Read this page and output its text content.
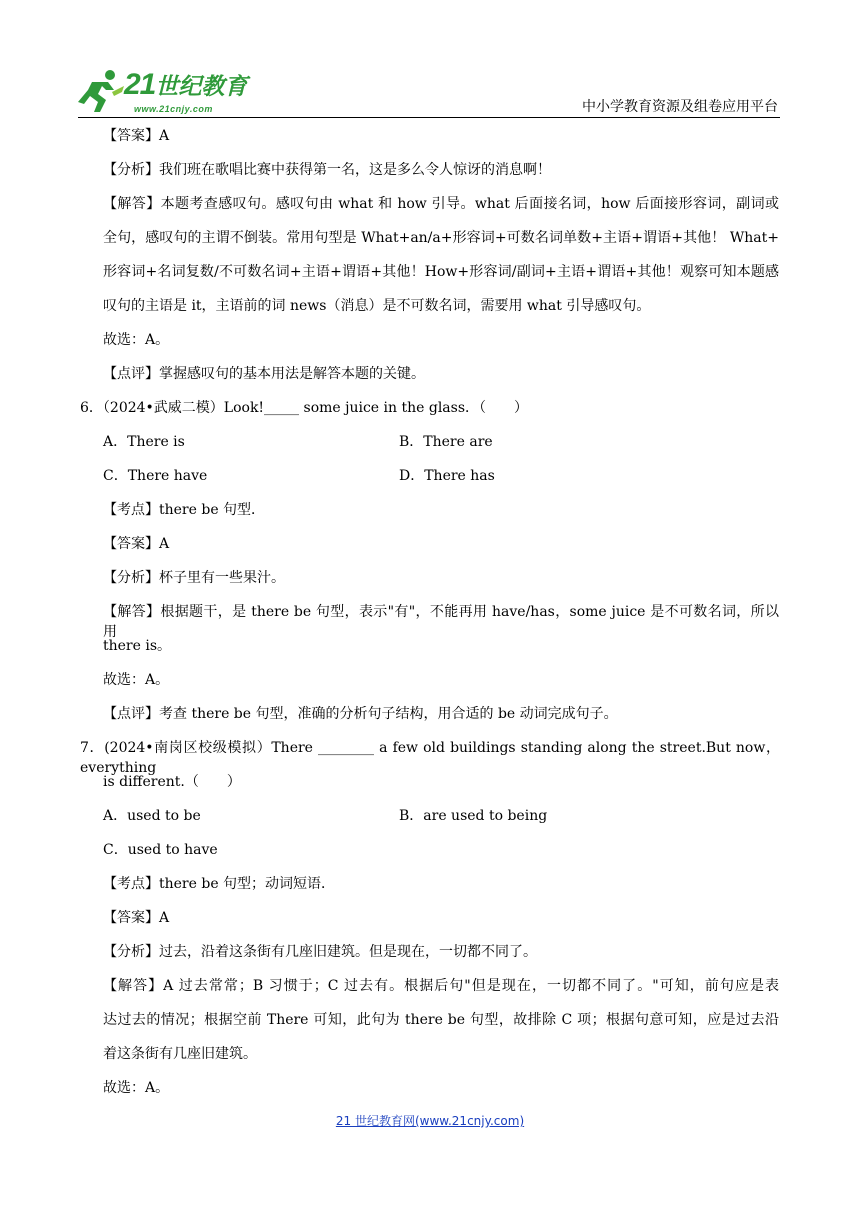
21世纪教育
www.21cnjy.com	中小学教育资源及组卷应用平台
【答案】A
【分析】我们班在歌唱比赛中获得第一名，这是多么令人惊讶的消息啊！
【解答】本题考查感叹句。感叹句由 what 和 how 引导。what 后面接名词，how 后面接形容词，副词或
全句，感叹句的主谓不倒装。常用句型是 What+an/a+形容词+可数名词单数+主语+谓语+其他！ What+
形容词+名词复数/不可数名词+主语+谓语+其他！How+形容词/副词+主语+谓语+其他！观察可知本题感
叹句的主语是 it，主语前的词 news（消息）是不可数名词，需要用 what 引导感叹句。
故选：A。
【点评】掌握感叹句的基本用法是解答本题的关键。
6．（2024•武威二模）Look!_____ some juice in the glass．（　　）
A．There is	B．There are
C．There have	D．There has
【考点】there be 句型．
【答案】A
【分析】杯子里有一些果汁。
【解答】根据题干，是 there be 句型，表示"有"，不能再用 have/has，some juice 是不可数名词，所以用
there is。
故选：A。
【点评】考查 there be 句型，准确的分析句子结构，用合适的 be 动词完成句子。
7．(2024•南岗区校级模拟）There ________ a few old buildings standing along the street.But now，everything
is different.（　　）
A．used to be	B．are used to being
C．used to have
【考点】there be 句型；动词短语．
【答案】A
【分析】过去，沿着这条街有几座旧建筑。但是现在，一切都不同了。
【解答】A 过去常常；B 习惯于；C 过去有。根据后句"但是现在，一切都不同了。"可知，前句应是表
达过去的情况；根据空前 There 可知，此句为 there be 句型，故排除 C 项；根据句意可知，应是过去沿
着这条街有几座旧建筑。
故选：A。
21 世纪教育网(www.21cnjy.com)
